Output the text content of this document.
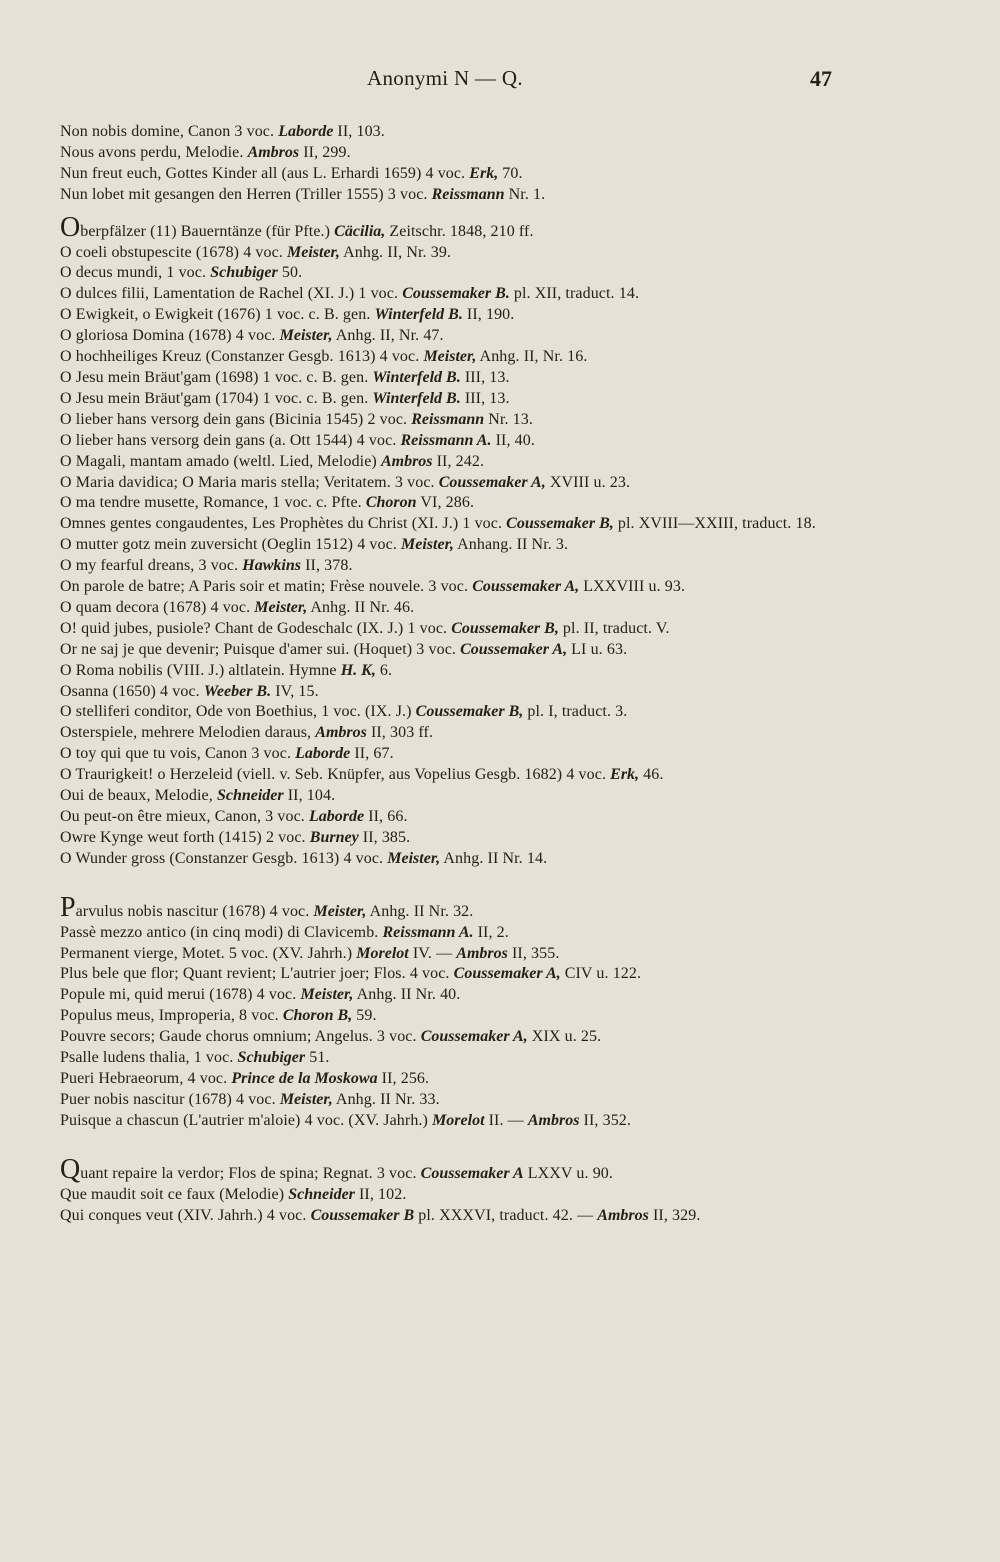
Anonymi N — Q.	47

Non nobis domine, Canon 3 voc. Laborde II, 103.

Nous avons perdu, Melodie. Ambros II, 299.

Nun freut euch, Gottes Kinder all (aus L. Erhardi 1659) 4 voc. Erk, 70.

Nun lobet mit gesangen den Herren (Triller 1555) 3 voc. Reissmann Nr. 1.

Oberpfälzer (11) Bauerntänze (für Pfte.) Cäcilia, Zeitschr. 1848, 210 ff.

O coeli obstupescite (1678) 4 voc. Meister, Anhg. II, Nr. 39.

O decus mundi, 1 voc. Schubiger 50.

O dulces filii, Lamentation de Rachel (XI. J.) 1 voc. Coussemaker B. pl. XII, traduct. 14.

O Ewigkeit, o Ewigkeit (1676) 1 voc. c. B. gen. Winterfeld B. II, 190.

O gloriosa Domina (1678) 4 voc. Meister, Anhg. II, Nr. 47.

O hochheiliges Kreuz (Constanzer Gesgb. 1613) 4 voc. Meister, Anhg. II, Nr. 16.

O Jesu mein Bräut'gam (1698) 1 voc. c. B. gen. Winterfeld B. III, 13.

O Jesu mein Bräut'gam (1704) 1 voc. c. B. gen. Winterfeld B. III, 13.

O lieber hans versorg dein gans (Bicinia 1545) 2 voc. Reissmann Nr. 13.

O lieber hans versorg dein gans (a. Ott 1544) 4 voc. Reissmann A. II, 40.

O Magali, mantam amado (weltl. Lied, Melodie) Ambros II, 242.

O Maria davidica; O Maria maris stella; Veritatem. 3 voc. Coussemaker A, XVIII u. 23.

O ma tendre musette, Romance, 1 voc. c. Pfte. Choron VI, 286.

Omnes gentes congaudentes, Les Prophètes du Christ (XI. J.) 1 voc. Coussemaker B, pl. XVIII—XXIII, traduct. 18.

O mutter gotz mein zuversicht (Oeglin 1512) 4 voc. Meister, Anhang. II Nr. 3.

O my fearful dreans, 3 voc. Hawkins II, 378.

On parole de batre; A Paris soir et matin; Frèse nouvele. 3 voc. Coussemaker A, LXXVIII u. 93.

O quam decora (1678) 4 voc. Meister, Anhg. II Nr. 46.

O! quid jubes, pusiole? Chant de Godeschalc (IX. J.) 1 voc. Coussemaker B, pl. II, traduct. V.

Or ne saj je que devenir; Puisque d'amer sui. (Hoquet) 3 voc. Coussemaker A, LI u. 63.

O Roma nobilis (VIII. J.) altlatein. Hymne H. K, 6.

Osanna (1650) 4 voc. Weeber B. IV, 15.

O stelliferi conditor, Ode von Boethius, 1 voc. (IX. J.) Coussemaker B, pl. I, traduct. 3.

Osterspiele, mehrere Melodien daraus, Ambros II, 303 ff.

O toy qui que tu vois, Canon 3 voc. Laborde II, 67.

O Traurigkeit! o Herzeleid (viell. v. Seb. Knüpfer, aus Vopelius Gesgb. 1682) 4 voc. Erk, 46.

Oui de beaux, Melodie, Schneider II, 104.

Ou peut-on être mieux, Canon, 3 voc. Laborde II, 66.

Owre Kynge weut forth (1415) 2 voc. Burney II, 385.

O Wunder gross (Constanzer Gesgb. 1613) 4 voc. Meister, Anhg. II Nr. 14.

Parvulus nobis nascitur (1678) 4 voc. Meister, Anhg. II Nr. 32.

Passè mezzo antico (in cinq modi) di Clavicemb. Reissmann A. II, 2.

Permanent vierge, Motet. 5 voc. (XV. Jahrh.) Morelot IV. — Ambros II, 355.

Plus bele que flor; Quant revient; L'autrier joer; Flos. 4 voc. Coussemaker A, CIV u. 122.

Popule mi, quid merui (1678) 4 voc. Meister, Anhg. II Nr. 40.

Populus meus, Improperia, 8 voc. Choron B, 59.

Pouvre secors; Gaude chorus omnium; Angelus. 3 voc. Coussemaker A, XIX u. 25.

Psalle ludens thalia, 1 voc. Schubiger 51.

Pueri Hebraeorum, 4 voc. Prince de la Moskowa II, 256.

Puer nobis nascitur (1678) 4 voc. Meister, Anhg. II Nr. 33.

Puisque a chascun (L'autrier m'aloie) 4 voc. (XV. Jahrh.) Morelot II. — Ambros II, 352.

Quant repaire la verdor; Flos de spina; Regnat. 3 voc. Coussemaker A LXXV u. 90.

Que maudit soit ce faux (Melodie) Schneider II, 102.

Qui conques veut (XIV. Jahrh.) 4 voc. Coussemaker B pl. XXXVI, traduct. 42. — Ambros II, 329.
